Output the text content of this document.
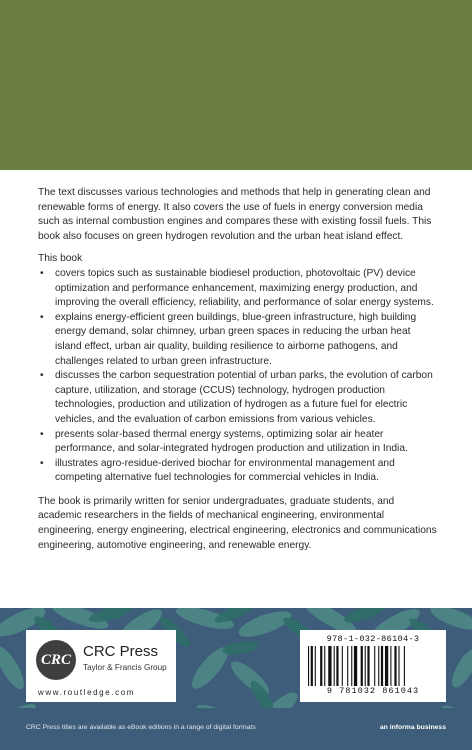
The text discusses various technologies and methods that help in generating clean and renewable forms of energy. It also covers the use of fuels in energy conversion media such as internal combustion engines and compares these with existing fossil fuels. This book also focuses on green hydrogen revolution and the urban heat island effect.

This book

• covers topics such as sustainable biodiesel production, photovoltaic (PV) device optimization and performance enhancement, maximizing energy production, and improving the overall efficiency, reliability, and performance of solar energy systems.
• explains energy-efficient green buildings, blue-green infrastructure, high building energy demand, solar chimney, urban green spaces in reducing the urban heat island effect, urban air quality, building resilience to airborne pathogens, and challenges related to urban green infrastructure.
• discusses the carbon sequestration potential of urban parks, the evolution of carbon capture, utilization, and storage (CCUS) technology, hydrogen production technologies, production and utilization of hydrogen as a future fuel for electric vehicles, and the evaluation of carbon emissions from various vehicles.
• presents solar-based thermal energy systems, optimizing solar air heater performance, and solar-integrated hydrogen production and utilization in India.
• illustrates agro-residue-derived biochar for environmental management and competing alternative fuel technologies for commercial vehicles in India.

The book is primarily written for senior undergraduates, graduate students, and academic researchers in the fields of mechanical engineering, environmental engineering, energy engineering, electrical engineering, electronics and communications engineering, automotive engineering, and renewable energy.

CRC CRC Press
Taylor & Francis Group
www.routledge.com
978-1-032-86104-3
9 781032 861043
CRC Press titles are available as eBook editions in a range of digital formats	an informa business
